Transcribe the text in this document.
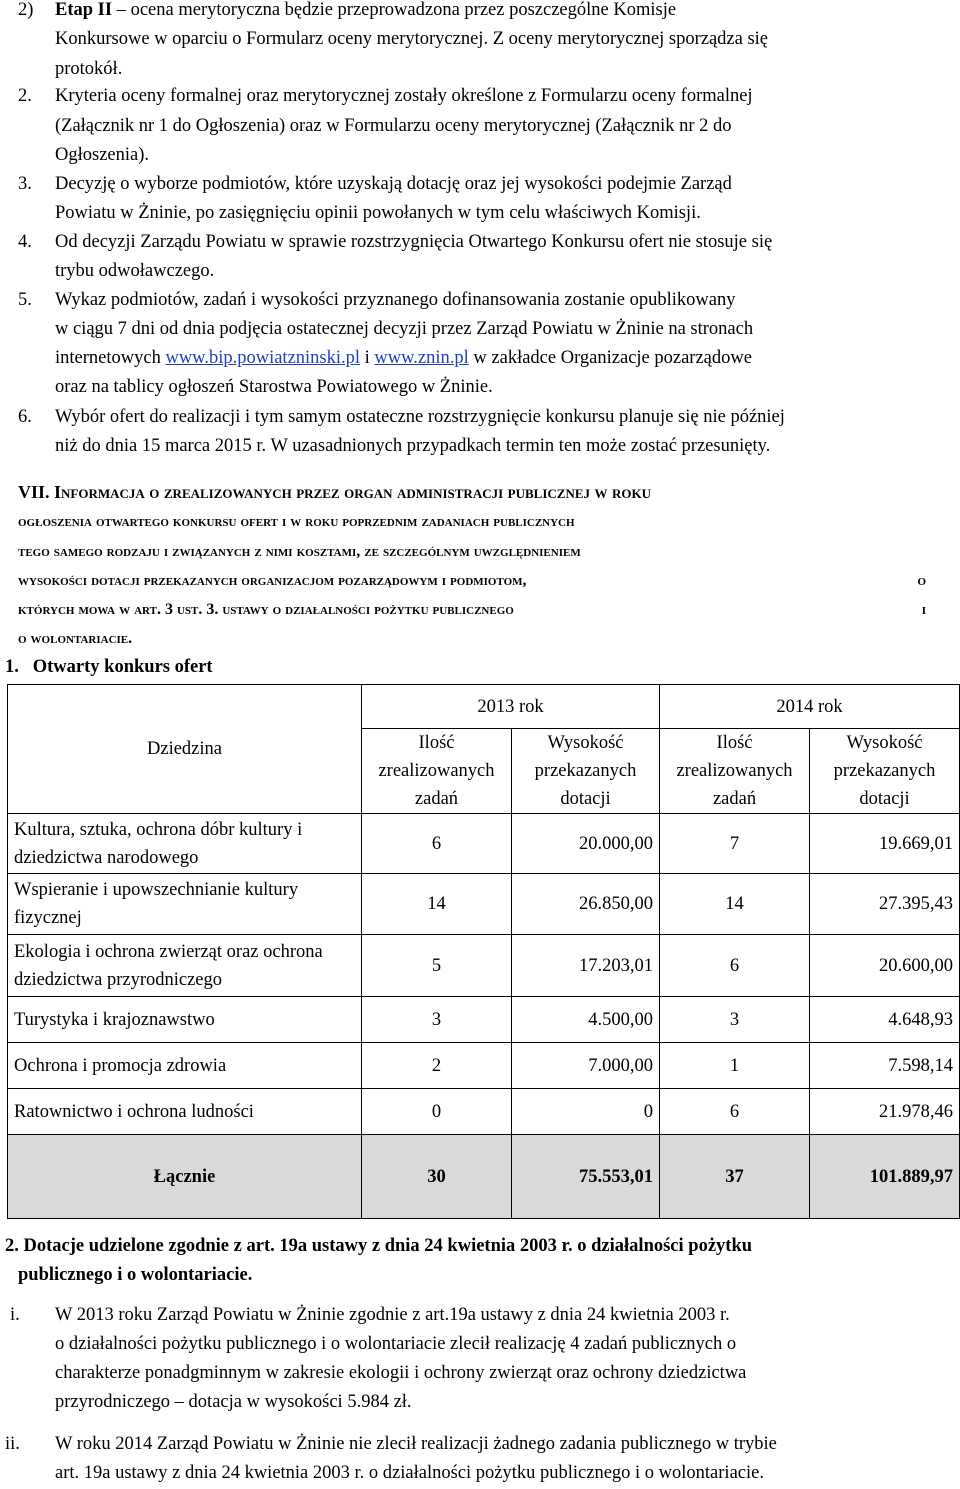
2) Etap II – ocena merytoryczna będzie przeprowadzona przez poszczególne Komisje
Konkursowe w oparciu o Formularz oceny merytorycznej. Z oceny merytorycznej sporządza się
protokół.
2. Kryteria oceny formalnej oraz merytorycznej zostały określone z Formularzu oceny formalnej
(Załącznik nr 1 do Ogłoszenia) oraz w Formularzu oceny merytorycznej (Załącznik nr 2 do
Ogłoszenia).
3. Decyzję o wyborze podmiotów, które uzyskają dotację oraz jej wysokości podejmie Zarząd
Powiatu w Żninie, po zasięgnięciu opinii powołanych w tym celu właściwych Komisji.
4. Od decyzji Zarządu Powiatu w sprawie rozstrzygnięcia Otwartego Konkursu ofert nie stosuje się
trybu odwoławczego.
5. Wykaz podmiotów, zadań i wysokości przyznanego dofinansowania zostanie opublikowany
w ciągu 7 dni od dnia podjęcia ostatecznej decyzji przez Zarząd Powiatu w Żninie na stronach
internetowych www.bip.powiatzninski.pl i www.znin.pl w zakładce Organizacje pozarządowe
oraz na tablicy ogłoszeń Starostwa Powiatowego w Żninie.
6. Wybór ofert do realizacji i tym samym ostateczne rozstrzygnięcie konkursu planuje się nie później
niż do dnia 15 marca 2015 r. W uzasadnionych przypadkach termin ten może zostać przesunięty.
VII. Informacja o zrealizowanych przez organ administracji publicznej w roku
ogłoszenia otwartego konkursu ofert i w roku poprzednim zadaniach publicznych
tego samego rodzaju i związanych z nimi kosztami, ze szczególnym uwzględnieniem
wysokości dotacji przekazanych organizacjom pozarządowym i podmiotom,	o
których mowa w art. 3 ust. 3. ustawy o działalności pożytku publicznego	i
o wolontariacie.
1.   Otwarty konkurs ofert
Dziedzina	2013 rok		2014 rok	
	Ilość zrealizowanych zadań	Wysokość przekazanych dotacji	Ilość zrealizowanych zadań	Wysokość przekazanych dotacji
Kultura, sztuka, ochrona dóbr kultury i dziedzictwa narodowego	6	20.000,00	7	19.669,01
Wspieranie i upowszechnianie kultury fizycznej	14	26.850,00	14	27.395,43
Ekologia i ochrona zwierząt oraz ochrona dziedzictwa przyrodniczego	5	17.203,01	6	20.600,00
Turystyka i krajoznawstwo	3	4.500,00	3	4.648,93
Ochrona i promocja zdrowia	2	7.000,00	1	7.598,14
Ratownictwo i ochrona ludności	0	0	6	21.978,46
Łącznie	30	75.553,01	37	101.889,97
2. Dotacje udzielone zgodnie z art. 19a ustawy z dnia 24 kwietnia 2003 r. o działalności pożytku
publicznego i o wolontariacie.
i. W 2013 roku Zarząd Powiatu w Żninie zgodnie z art.19a ustawy z dnia 24 kwietnia 2003 r.
o działalności pożytku publicznego i o wolontariacie zlecił realizację 4 zadań publicznych o
charakterze ponadgminnym w zakresie ekologii i ochrony zwierząt oraz ochrony dziedzictwa
przyrodniczego – dotacja w wysokości 5.984 zł.
ii. W roku 2014 Zarząd Powiatu w Żninie nie zlecił realizacji żadnego zadania publicznego w trybie
art. 19a ustawy z dnia 24 kwietnia 2003 r. o działalności pożytku publicznego i o wolontariacie.
